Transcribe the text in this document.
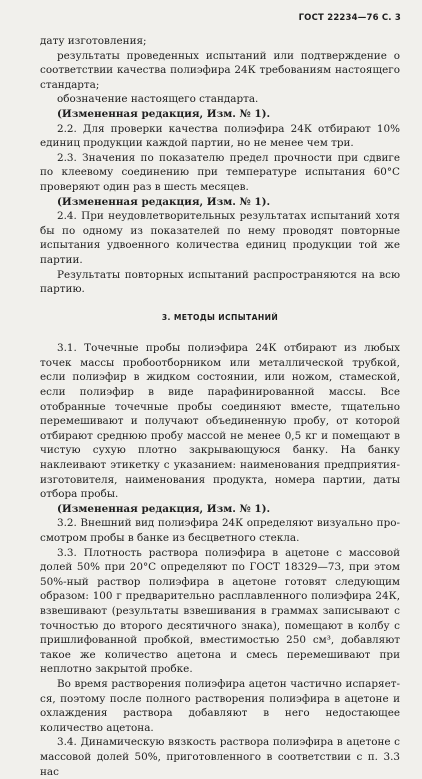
ГОСТ 22234—76 С. 3

дату изготовления;

результаты проведенных испытаний или подтверждение о соответствии качества полиэфира 24К требованиям настоящего стандарта;

обозначение настоящего стандарта.

(Измененная редакция, Изм. № 1).

2.2. Для проверки качества полиэфира 24К отбирают 10% единиц продукции каждой партии, но не менее чем три.

2.3. Значения по показателю предел прочности при сдвиге по клеевому соединению при температуре испытания 60°С проверяют один раз в шесть месяцев.

(Измененная редакция, Изм. № 1).

2.4. При неудовлетворительных результатах испытаний хотя бы по одному из показателей по нему проводят повторные испытания удвоенного количества единиц продукции той же партии.

Результаты повторных испытаний распространяются на всю партию.

3. МЕТОДЫ ИСПЫТАНИЙ

3.1. Точечные пробы полиэфира 24К отбирают из любых точек массы пробоотборником или металлической трубкой, если полиэфир в жидком состоянии, или ножом, стамеской, если полиэфир в виде парафинированной массы. Все отобранные точечные пробы соединяют вместе, тщательно перемешивают и получают объединенную пробу, от которой отбирают среднюю пробу массой не менее 0,5 кг и помещают в чистую сухую плотно закрывающуюся банку. На банку наклеивают этикетку с указанием: наименования предприятия-изготовителя, наименования продукта, номера партии, даты отбора пробы.

(Измененная редакция, Изм. № 1).

3.2. Внешний вид полиэфира 24К определяют визуально просмотром пробы в банке из бесцветного стекла.

3.3. Плотность раствора полиэфира в ацетоне с массовой долей 50% при 20°С определяют по ГОСТ 18329—73, при этом 50%-ный раствор полиэфира в ацетоне готовят следующим образом: 100 г предварительно расплавленного полиэфира 24К, взвешивают (результаты взвешивания в граммах записывают с точностью до второго десятичного знака), помещают в колбу с пришлифованной пробкой, вместимостью 250 см³, добавляют такое же количество ацетона и смесь перемешивают при неплотно закрытой пробке.

Во время растворения полиэфира ацетон частично испаряется, поэтому после полного растворения полиэфира в ацетоне и охлаждения раствора добавляют в него недостающее количество ацетона.

3.4. Динамическую вязкость раствора полиэфира в ацетоне с массовой долей 50%, приготовленного в соответствии с п. 3.3 нас
